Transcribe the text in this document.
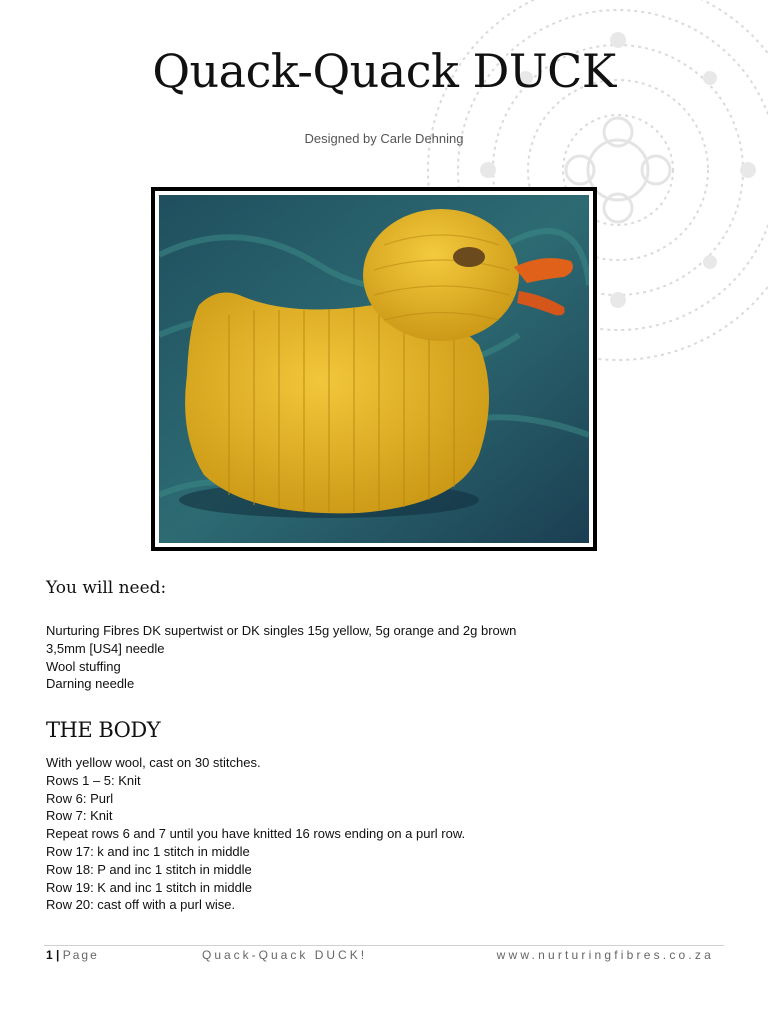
Quack-Quack DUCK
Designed by Carle Dehning
You will need:
Nurturing Fibres DK supertwist or DK singles 15g yellow, 5g orange and 2g brown
3,5mm [US4] needle
Wool stuffing
Darning needle
THE BODY
With yellow wool, cast on 30 stitches.
Rows 1 – 5: Knit
Row 6: Purl
Row 7: Knit
Repeat rows 6 and 7 until you have knitted 16 rows ending on a purl row.
Row 17: k and inc 1 stitch in middle
Row 18: P and inc 1 stitch in middle
Row 19: K and inc 1 stitch in middle
Row 20: cast off with a purl wise.
1 | Page	Quack-Quack DUCK!	www.nurturingfibres.co.za
